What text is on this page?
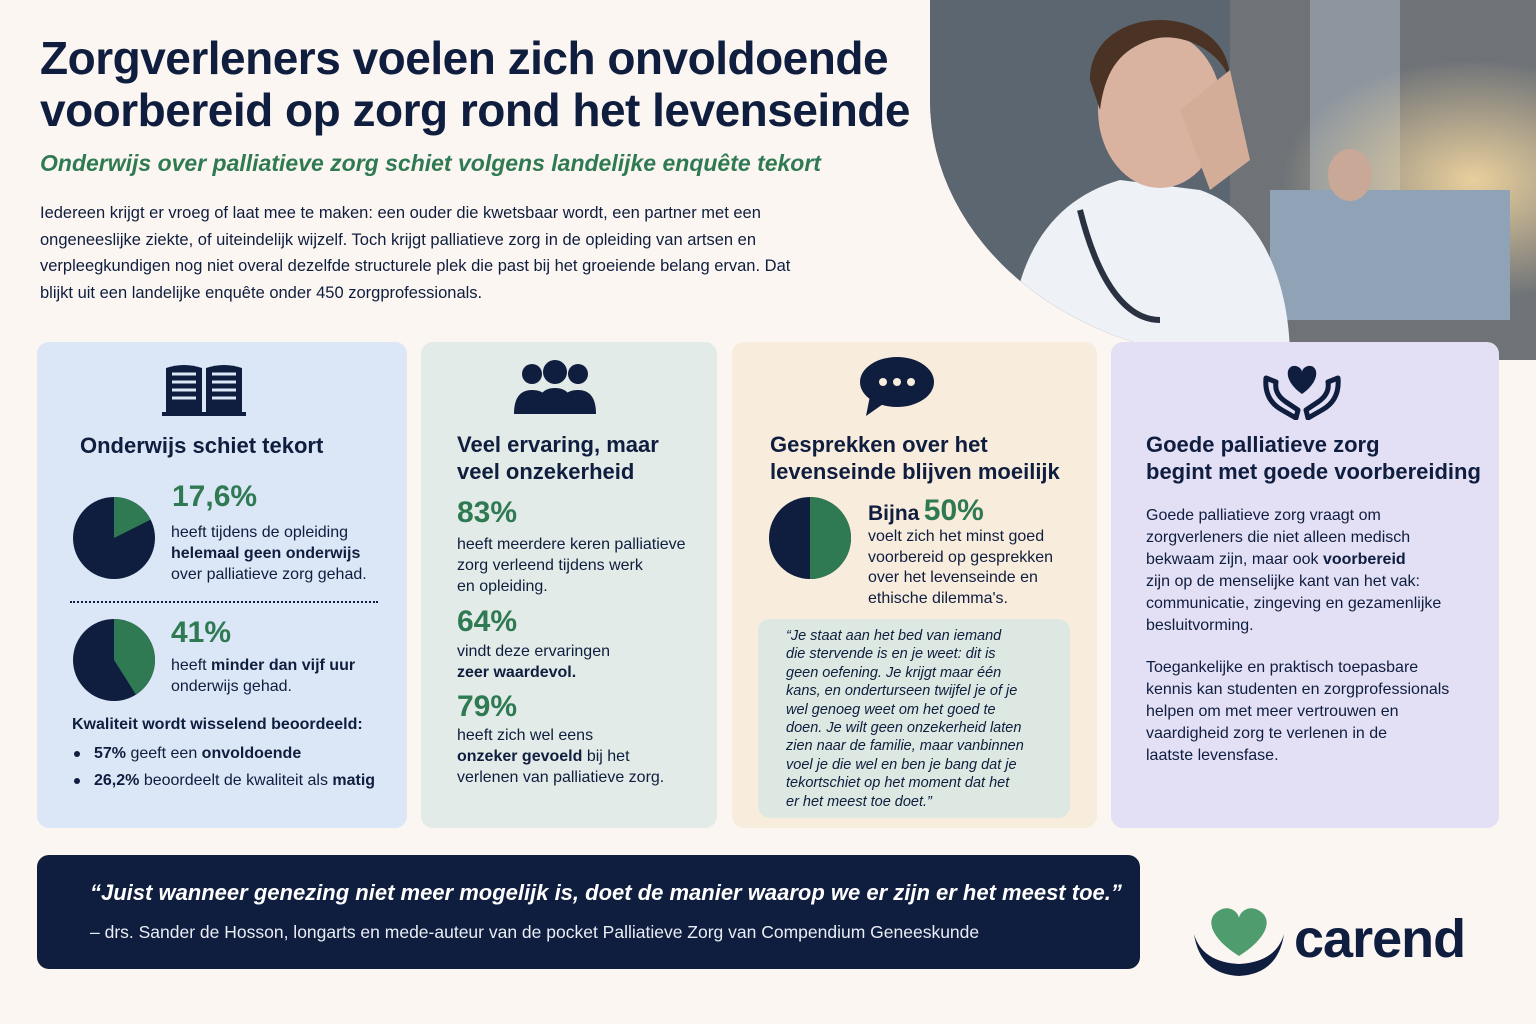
Zorgverleners voelen zich onvoldoende voorbereid op zorg rond het levenseinde
Onderwijs over palliatieve zorg schiet volgens landelijke enquête tekort

Iedereen krijgt er vroeg of laat mee te maken: een ouder die kwetsbaar wordt, een partner met een ongeneeslijke ziekte, of uiteindelijk wijzelf. Toch krijgt palliatieve zorg in de opleiding van artsen en verpleegkundigen nog niet overal dezelfde structurele plek die past bij het groeiende belang ervan. Dat blijkt uit een landelijke enquête onder 450 zorgprofessionals.

Onderwijs schiet tekort
17,6%
heeft tijdens de opleiding
helemaal geen onderwijs
over palliatieve zorg gehad.
41%
heeft minder dan vijf uur
onderwijs gehad.
Kwaliteit wordt wisselend beoordeeld:
57% geeft een onvoldoende
26,2% beoordeelt de kwaliteit als matig
Veel ervaring, maar
veel onzekerheid
83%
heeft meerdere keren palliatieve
zorg verleend tijdens werk
en opleiding.
64%
vindt deze ervaringen
zeer waardevol.
79%
heeft zich wel eens
onzeker gevoeld bij het
verlenen van palliatieve zorg.
Gesprekken over het
levenseinde blijven moeilijk
Bijna 50%
voelt zich het minst goed
voorbereid op gesprekken
over het levenseinde en
ethische dilemma's.
“Je staat aan het bed van iemand
die stervende is en je weet: dit is
geen oefening. Je krijgt maar één
kans, en onderturseen twijfel je of je
wel genoeg weet om het goed te
doen. Je wilt geen onzekerheid laten
zien naar de familie, maar vanbinnen
voel je die wel en ben je bang dat je
tekortschiet op het moment dat het
er het meest toe doet.”
Goede palliatieve zorg
begint met goede voorbereiding
Goede palliatieve zorg vraagt om
zorgverleners die niet alleen medisch
bekwaam zijn, maar ook voorbereid
zijn op de menselijke kant van het vak:
communicatie, zingeving en gezamenlijke
besluitvorming.
Toegankelijke en praktisch toepasbare
kennis kan studenten en zorgprofessionals
helpen om met meer vertrouwen en
vaardigheid zorg te verlenen in de
laatste levensfase.
“Juist wanneer genezing niet meer mogelijk is, doet de manier waarop we er zijn er het meest toe.”
– drs. Sander de Hosson, longarts en mede-auteur van de pocket Palliatieve Zorg van Compendium Geneeskunde	carend
